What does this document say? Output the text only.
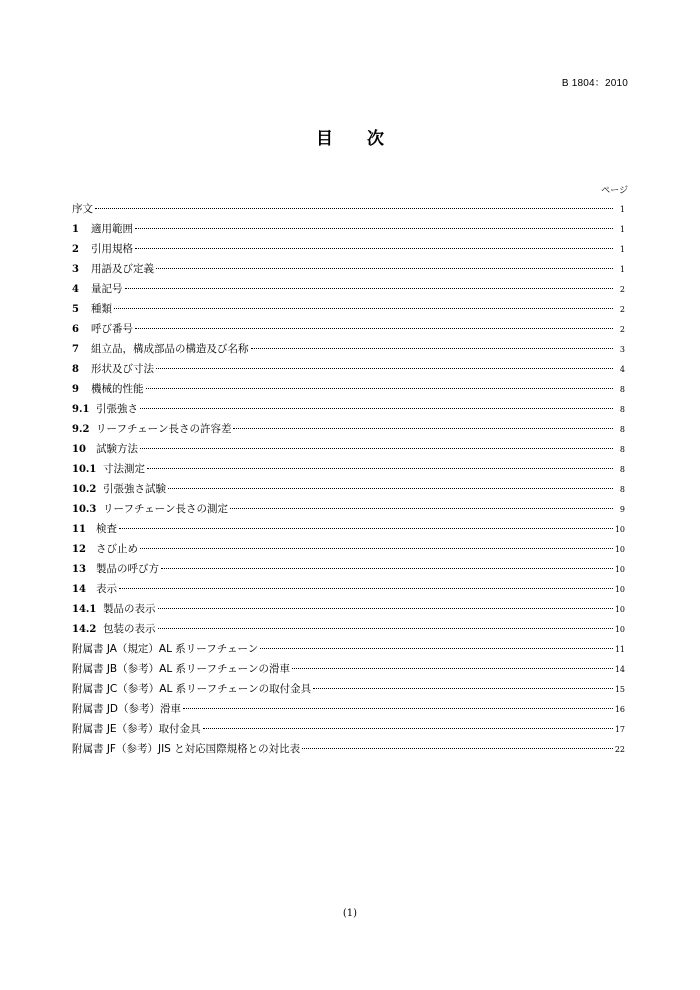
B 1804：2010
目 次
ページ
序文	1
1	適用範囲	1
2	引用規格	1
3	用語及び定義	1
4	量記号	2
5	種類	2
6	呼び番号	2
7	組立品，構成部品の構造及び名称	3
8	形状及び寸法	4
9	機械的性能	8
9.1 引張強さ	8
9.2 リーフチェーン長さの許容差	8
10 試験方法	8
10.1 寸法測定	8
10.2 引張強さ試験	8
10.3 リーフチェーン長さの測定	9
11 検査	10
12 さび止め	10
13 製品の呼び方	10
14 表示	10
14.1 製品の表示	10
14.2 包装の表示	10
附属書 JA（規定）AL 系リーフチェーン	11
附属書 JB（参考）AL 系リーフチェーンの滑車	14
附属書 JC（参考）AL 系リーフチェーンの取付金具	15
附属書 JD（参考）滑車	16
附属書 JE（参考）取付金具	17
附属書 JF（参考）JIS と対応国際規格との対比表	22
(1)
